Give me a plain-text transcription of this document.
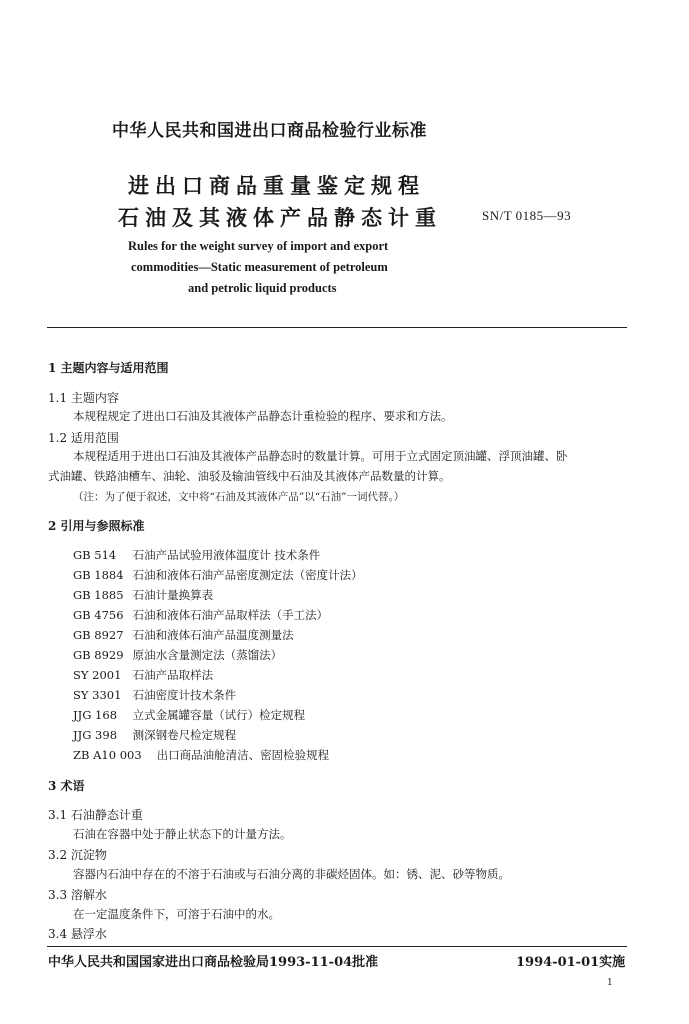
中华人民共和国进出口商品检验行业标准
进出口商品重量鉴定规程
石油及其液体产品静态计重	SN/T 0185—93
Rules for the weight survey of import and export
commodities—Static measurement of petroleum
and petrolic liquid products
1 主题内容与适用范围
1.1 主题内容
本规程规定了进出口石油及其液体产品静态计重检验的程序、要求和方法。
1.2 适用范围
本规程适用于进出口石油及其液体产品静态时的数量计算。可用于立式固定顶油罐、浮顶油罐、卧
式油罐、铁路油槽车、油轮、油驳及输油管线中石油及其液体产品数量的计算。
（注：为了便于叙述，文中将“石油及其液体产品”以“石油”一词代替。）
2 引用与参照标准
GB 514 石油产品试验用液体温度计 技术条件
GB 1884 石油和液体石油产品密度测定法（密度计法）
GB 1885 石油计量换算表
GB 4756 石油和液体石油产品取样法（手工法）
GB 8927 石油和液体石油产品温度测量法
GB 8929 原油水含量测定法（蒸馏法）
SY 2001 石油产品取样法
SY 3301 石油密度计技术条件
JJG 168 立式金属罐容量（试行）检定规程
JJG 398 测深钢卷尺检定规程
ZB A10 003 出口商品油舱清洁、密固检验规程
3 术语
3.1 石油静态计重
石油在容器中处于静止状态下的计量方法。
3.2 沉淀物
容器内石油中存在的不溶于石油或与石油分离的非碳烃固体。如：锈、泥、砂等物质。
3.3 溶解水
在一定温度条件下，可溶于石油中的水。
3.4 悬浮水
中华人民共和国国家进出口商品检验局1993-11-04批准	1994-01-01实施
1
